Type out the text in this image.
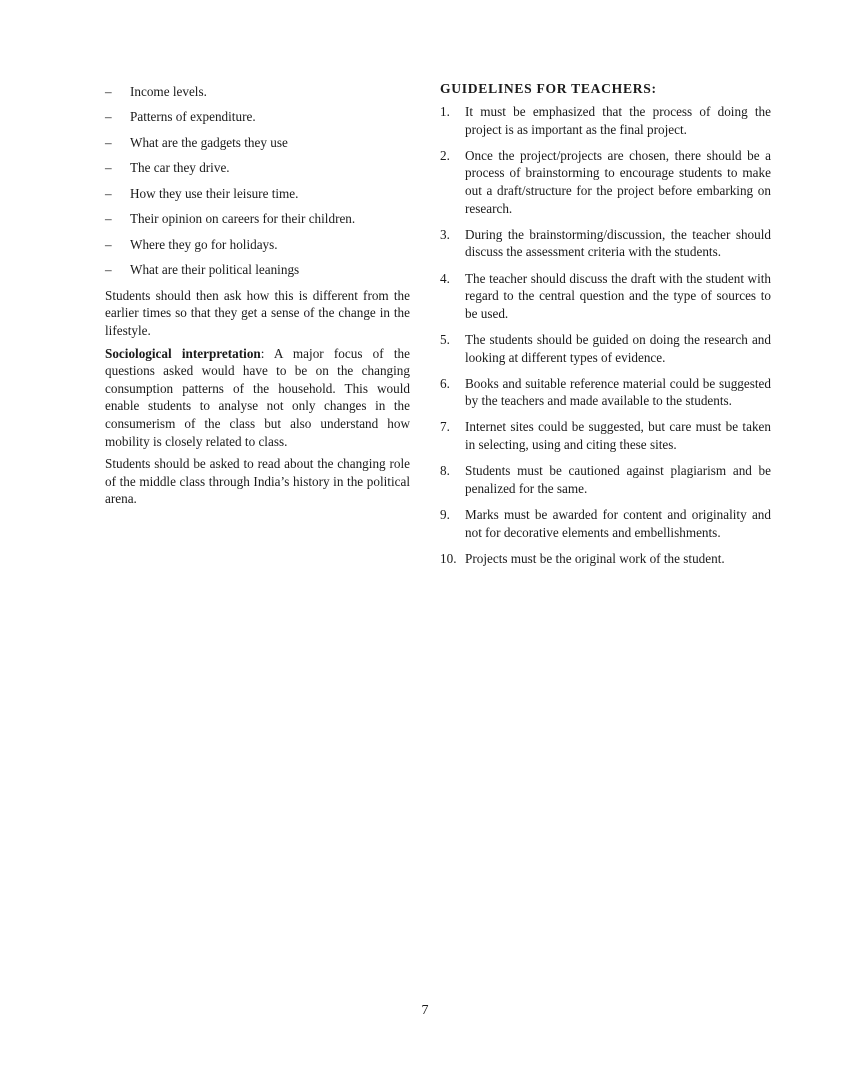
– Income levels.
– Patterns of expenditure.
– What are the gadgets they use
– The car they drive.
– How they use their leisure time.
– Their opinion on careers for their children.
– Where they go for holidays.
– What are their political leanings

Students should then ask how this is different from the earlier times so that they get a sense of the change in the lifestyle.

Sociological interpretation: A major focus of the questions asked would have to be on the changing consumption patterns of the household. This would enable students to analyse not only changes in the consumerism of the class but also understand how mobility is closely related to class.

Students should be asked to read about the changing role of the middle class through India’s history in the political arena.

GUIDELINES FOR TEACHERS:
1. It must be emphasized that the process of doing the project is as important as the final project.
2. Once the project/projects are chosen, there should be a process of brainstorming to encourage students to make out a draft/structure for the project before embarking on research.
3. During the brainstorming/discussion, the teacher should discuss the assessment criteria with the students.
4. The teacher should discuss the draft with the student with regard to the central question and the type of sources to be used.
5. The students should be guided on doing the research and looking at different types of evidence.
6. Books and suitable reference material could be suggested by the teachers and made available to the students.
7. Internet sites could be suggested, but care must be taken in selecting, using and citing these sites.
8. Students must be cautioned against plagiarism and be penalized for the same.
9. Marks must be awarded for content and originality and not for decorative elements and embellishments.
10. Projects must be the original work of the student.
7
